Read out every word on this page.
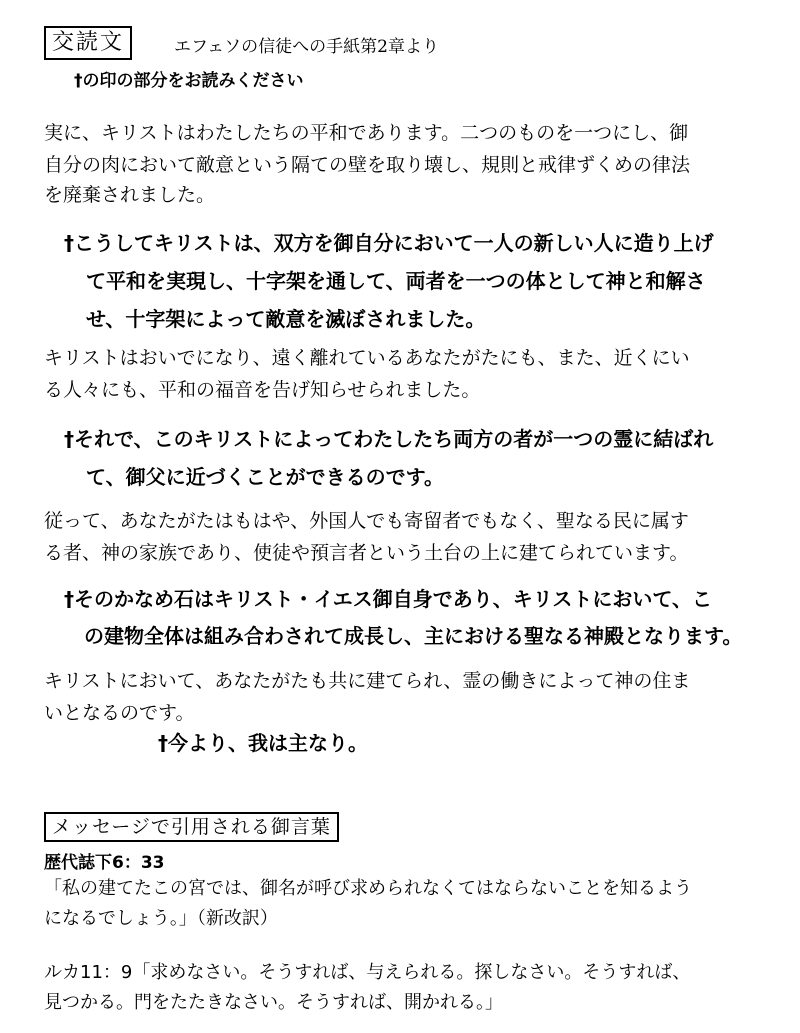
交読文	エフェソの信徒への手紙第2章より
†の印の部分をお読みください
実に、キリストはわたしたちの平和であります。二つのものを一つにし、御
自分の肉において敵意という隔ての壁を取り壊し、規則と戒律ずくめの律法
を廃棄されました。
†こうしてキリストは、双方を御自分において一人の新しい人に造り上げ
て平和を実現し、十字架を通して、両者を一つの体として神と和解さ
せ、十字架によって敵意を滅ぼされました。
キリストはおいでになり、遠く離れているあなたがたにも、また、近くにい
る人々にも、平和の福音を告げ知らせられました。
†それで、このキリストによってわたしたち両方の者が一つの霊に結ばれ
て、御父に近づくことができるのです。
従って、あなたがたはもはや、外国人でも寄留者でもなく、聖なる民に属す
る者、神の家族であり、使徒や預言者という土台の上に建てられています。
†そのかなめ石はキリスト・イエス御自身であり、キリストにおいて、こ
の建物全体は組み合わされて成長し、主における聖なる神殿となります。
キリストにおいて、あなたがたも共に建てられ、霊の働きによって神の住ま
いとなるのです。
†今より、我は主なり。
メッセージで引用される御言葉
歴代誌下6：33
「私の建てたこの宮では、御名が呼び求められなくてはならないことを知るよう
になるでしょう。」（新改訳）
ルカ11：9「求めなさい。そうすれば、与えられる。探しなさい。そうすれば、
見つかる。門をたたきなさい。そうすれば、開かれる。」
